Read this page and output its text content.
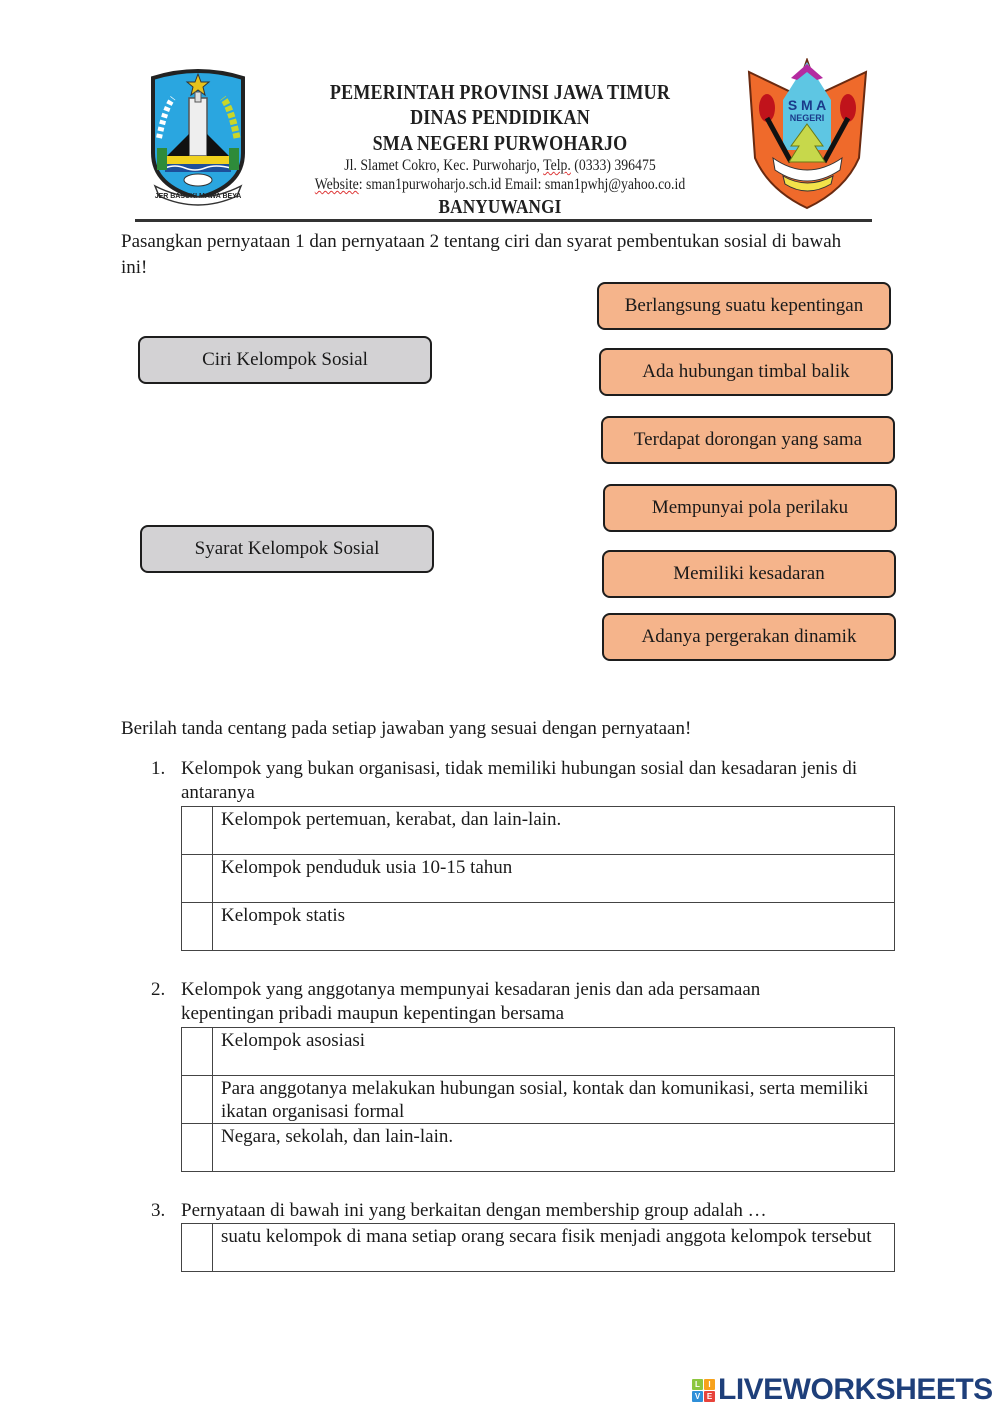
JER BASUKI MAWA BEYA
PEMERINTAH PROVINSI JAWA TIMUR
DINAS PENDIDIKAN
SMA NEGERI PURWOHARJO
Jl. Slamet Cokro, Kec. Purwoharjo, Telp. (0333) 396475
Website: sman1purwoharjo.sch.id Email: sman1pwhj@yahoo.co.id
BANYUWANGI
S M A
NEGERI
Pasangkan pernyataan 1 dan pernyataan 2 tentang ciri dan syarat pembentukan sosial di bawah ini!
Ciri Kelompok Sosial
Syarat Kelompok Sosial
Berlangsung suatu kepentingan
Ada hubungan timbal balik
Terdapat dorongan yang sama
Mempunyai pola perilaku
Memiliki kesadaran
Adanya pergerakan dinamik
Berilah tanda centang pada setiap jawaban yang sesuai dengan pernyataan!
1. Kelompok yang bukan organisasi, tidak memiliki hubungan sosial dan kesadaran jenis di antaranya
	Kelompok pertemuan, kerabat, dan lain-lain.
	Kelompok penduduk usia 10-15 tahun
	Kelompok statis
2. Kelompok yang anggotanya mempunyai kesadaran jenis dan ada persamaan kepentingan pribadi maupun kepentingan bersama
	Kelompok asosiasi
	Para anggotanya melakukan hubungan sosial, kontak dan komunikasi, serta memiliki ikatan organisasi formal
	Negara, sekolah, dan lain-lain.
3. Pernyataan di bawah ini yang berkaitan dengan membership group adalah …
	suatu kelompok di mana setiap orang secara fisik menjadi anggota kelompok tersebut
L	I
V E LIVEWORKSHEETS
